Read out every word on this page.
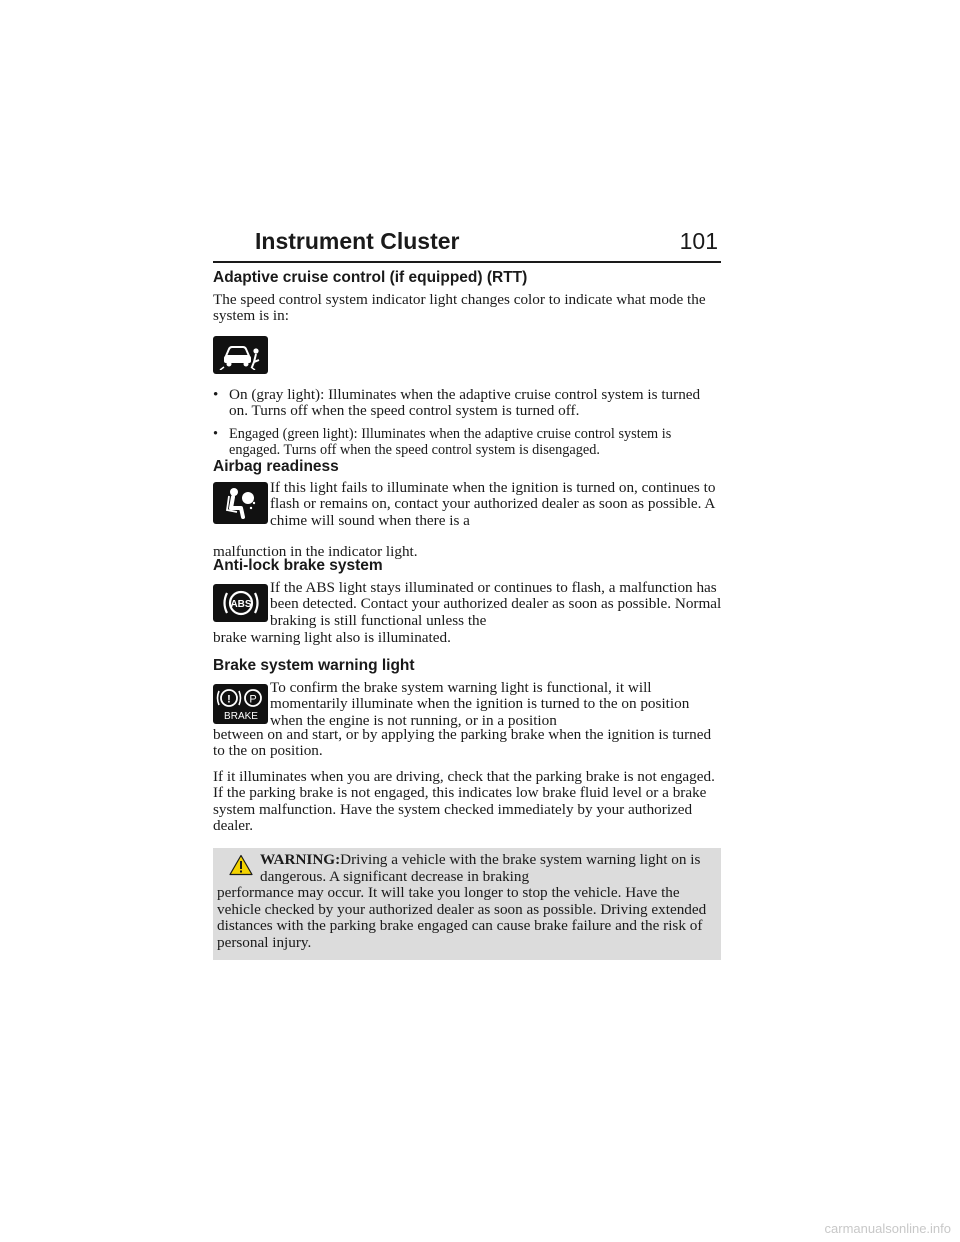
Instrument Cluster	101
Adaptive cruise control (if equipped) (RTT)

The speed control system indicator light changes color to indicate what mode the system is in:

• On (gray light): Illuminates when the adaptive cruise control system is turned on. Turns off when the speed control system is turned off.
• Engaged (green light): Illuminates when the adaptive cruise control system is engaged. Turns off when the speed control system is disengaged.
Airbag readiness
If this light fails to illuminate when the ignition is turned on, continues to flash or remains on, contact your authorized dealer as soon as possible. A chime will sound when there is a

malfunction in the indicator light.

Anti-lock brake system
ABS
If the ABS light stays illuminated or continues to flash, a malfunction has been detected. Contact your authorized dealer as soon as possible. Normal braking is still functional unless the

brake warning light also is illuminated.

Brake system warning light
! P
BRAKE
To confirm the brake system warning light is functional, it will momentarily illuminate when the ignition is turned to the on position when the engine is not running, or in a position

between on and start, or by applying the parking brake when the ignition is turned to the on position.

If it illuminates when you are driving, check that the parking brake is not engaged. If the parking brake is not engaged, this indicates low brake fluid level or a brake system malfunction. Have the system checked immediately by your authorized dealer.

WARNING:Driving a vehicle with the brake system warning light on is dangerous. A significant decrease in braking
performance may occur. It will take you longer to stop the vehicle. Have the vehicle checked by your authorized dealer as soon as possible. Driving extended distances with the parking brake engaged can cause brake failure and the risk of personal injury.
carmanualsonline.info
